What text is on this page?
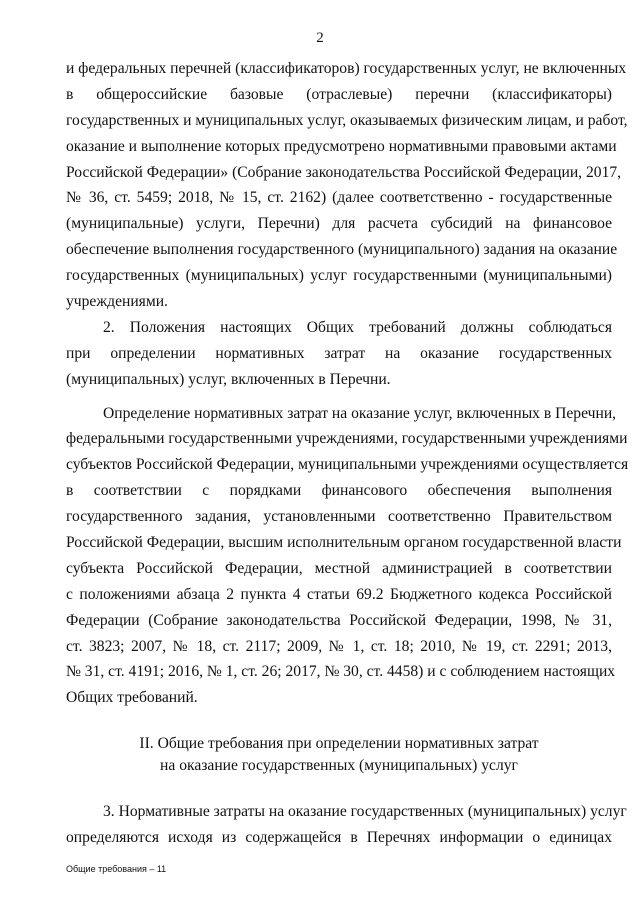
2
и федеральных перечней (классификаторов) государственных услуг, не включенных
в общероссийские базовые (отраслевые) перечни (классификаторы)
государственных и муниципальных услуг, оказываемых физическим лицам, и работ,
оказание и выполнение которых предусмотрено нормативными правовыми актами
Российской Федерации» (Собрание законодательства Российской Федерации, 2017,
№ 36, ст. 5459; 2018, № 15, ст. 2162) (далее соответственно - государственные
(муниципальные) услуги, Перечни) для расчета субсидий на финансовое
обеспечение выполнения государственного (муниципального) задания на оказание
государственных (муниципальных) услуг государственными (муниципальными)
учреждениями.
2. Положения настоящих Общих требований должны соблюдаться
при определении нормативных затрат на оказание государственных
(муниципальных) услуг, включенных в Перечни.
Определение нормативных затрат на оказание услуг, включенных в Перечни,
федеральными государственными учреждениями, государственными учреждениями
субъектов Российской Федерации, муниципальными учреждениями осуществляется
в соответствии с порядками финансового обеспечения выполнения
государственного задания, установленными соответственно Правительством
Российской Федерации, высшим исполнительным органом государственной власти
субъекта Российской Федерации, местной администрацией в соответствии
с положениями абзаца 2 пункта 4 статьи 69.2 Бюджетного кодекса Российской
Федерации (Собрание законодательства Российской Федерации, 1998, № 31,
ст. 3823; 2007, № 18, ст. 2117; 2009, № 1, ст. 18; 2010, № 19, ст. 2291; 2013,
№ 31, ст. 4191; 2016, № 1, ст. 26; 2017, № 30, ст. 4458) и с соблюдением настоящих
Общих требований.
II. Общие требования при определении нормативных затрат
на оказание государственных (муниципальных) услуг
3. Нормативные затраты на оказание государственных (муниципальных) услуг
определяются исходя из содержащейся в Перечнях информации о единицах
Общие требования – 11
